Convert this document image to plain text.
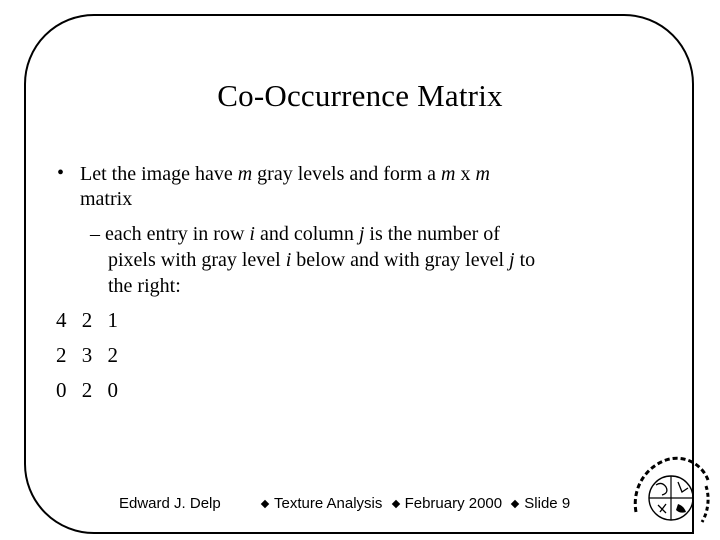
Co-Occurrence Matrix
• Let the image have m gray levels and form a m x m
matrix
– each entry in row i and column j is the number of
pixels with gray level i below and with gray level j to
the right:
4 2 1
2 3 2
0 2 0
Edward J. Delp	Texture Analysis February 2000 Slide 9
